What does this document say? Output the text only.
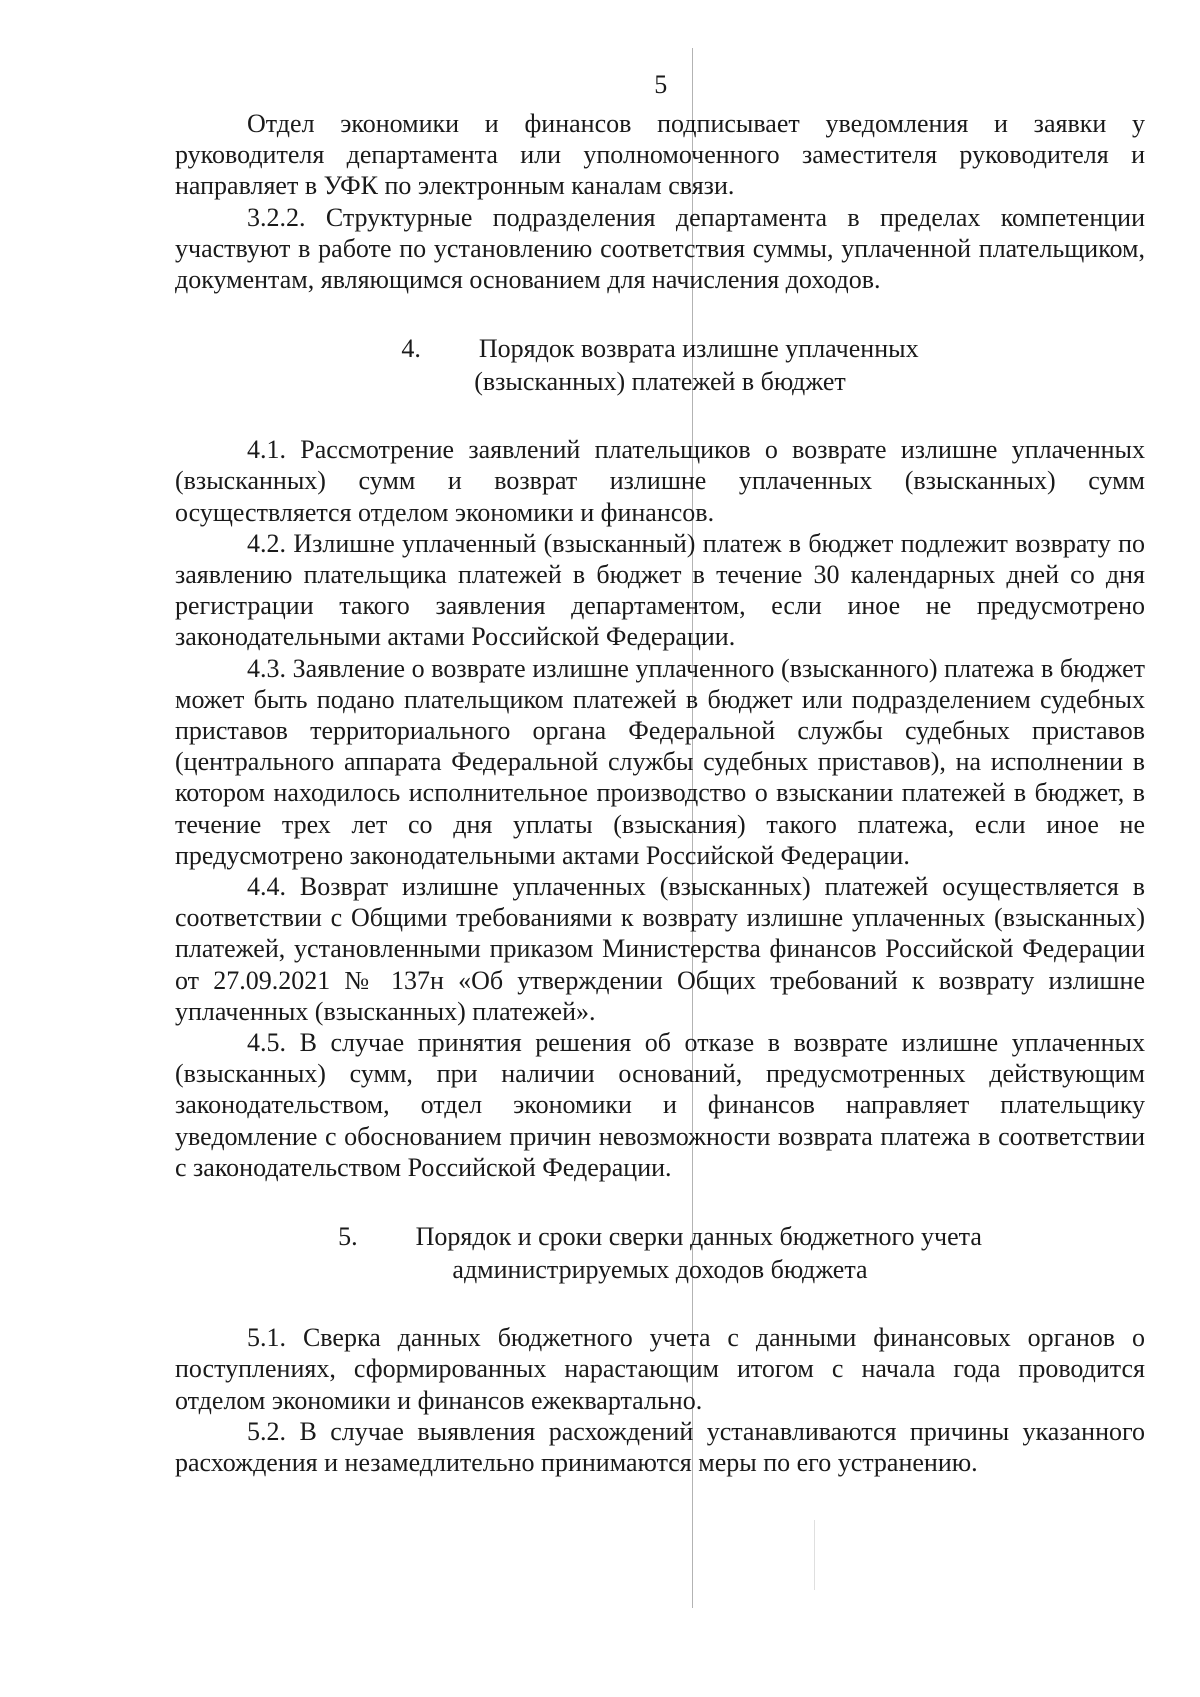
5

Отдел экономики и финансов подписывает уведомления и заявки у руководителя департамента или уполномоченного заместителя руководителя и направляет в УФК по электронным каналам связи.

3.2.2. Структурные подразделения департамента в пределах компетенции участвуют в работе по установлению соответствия суммы, уплаченной плательщиком, документам, являющимся основанием для начисления доходов.

4. Порядок возврата излишне уплаченных
(взысканных) платежей в бюджет

4.1. Рассмотрение заявлений плательщиков о возврате излишне уплаченных (взысканных) сумм и возврат излишне уплаченных (взысканных) сумм осуществляется отделом экономики и финансов.

4.2. Излишне уплаченный (взысканный) платеж в бюджет подлежит возврату по заявлению плательщика платежей в бюджет в течение 30 календарных дней со дня регистрации такого заявления департаментом, если иное не предусмотрено законодательными актами Российской Федерации.

4.3. Заявление о возврате излишне уплаченного (взысканного) платежа в бюджет может быть подано плательщиком платежей в бюджет или подразделением судебных приставов территориального органа Федеральной службы судебных приставов (центрального аппарата Федеральной службы судебных приставов), на исполнении в котором находилось исполнительное производство о взыскании платежей в бюджет, в течение трех лет со дня уплаты (взыскания) такого платежа, если иное не предусмотрено законодательными актами Российской Федерации.

4.4. Возврат излишне уплаченных (взысканных) платежей осуществляется в соответствии с Общими требованиями к возврату излишне уплаченных (взысканных) платежей, установленными приказом Министерства финансов Российской Федерации от 27.09.2021 № 137н «Об утверждении Общих требований к возврату излишне уплаченных (взысканных) платежей».

4.5. В случае принятия решения об отказе в возврате излишне уплаченных (взысканных) сумм, при наличии оснований, предусмотренных действующим законодательством, отдел экономики и финансов направляет плательщику уведомление с обоснованием причин невозможности возврата платежа в соответствии с законодательством Российской Федерации.

5. Порядок и сроки сверки данных бюджетного учета
администрируемых доходов бюджета

5.1. Сверка данных бюджетного учета с данными финансовых органов о поступлениях, сформированных нарастающим итогом с начала года проводится отделом экономики и финансов ежеквартально.

5.2. В случае выявления расхождений устанавливаются причины указанного расхождения и незамедлительно принимаются меры по его устранению.
